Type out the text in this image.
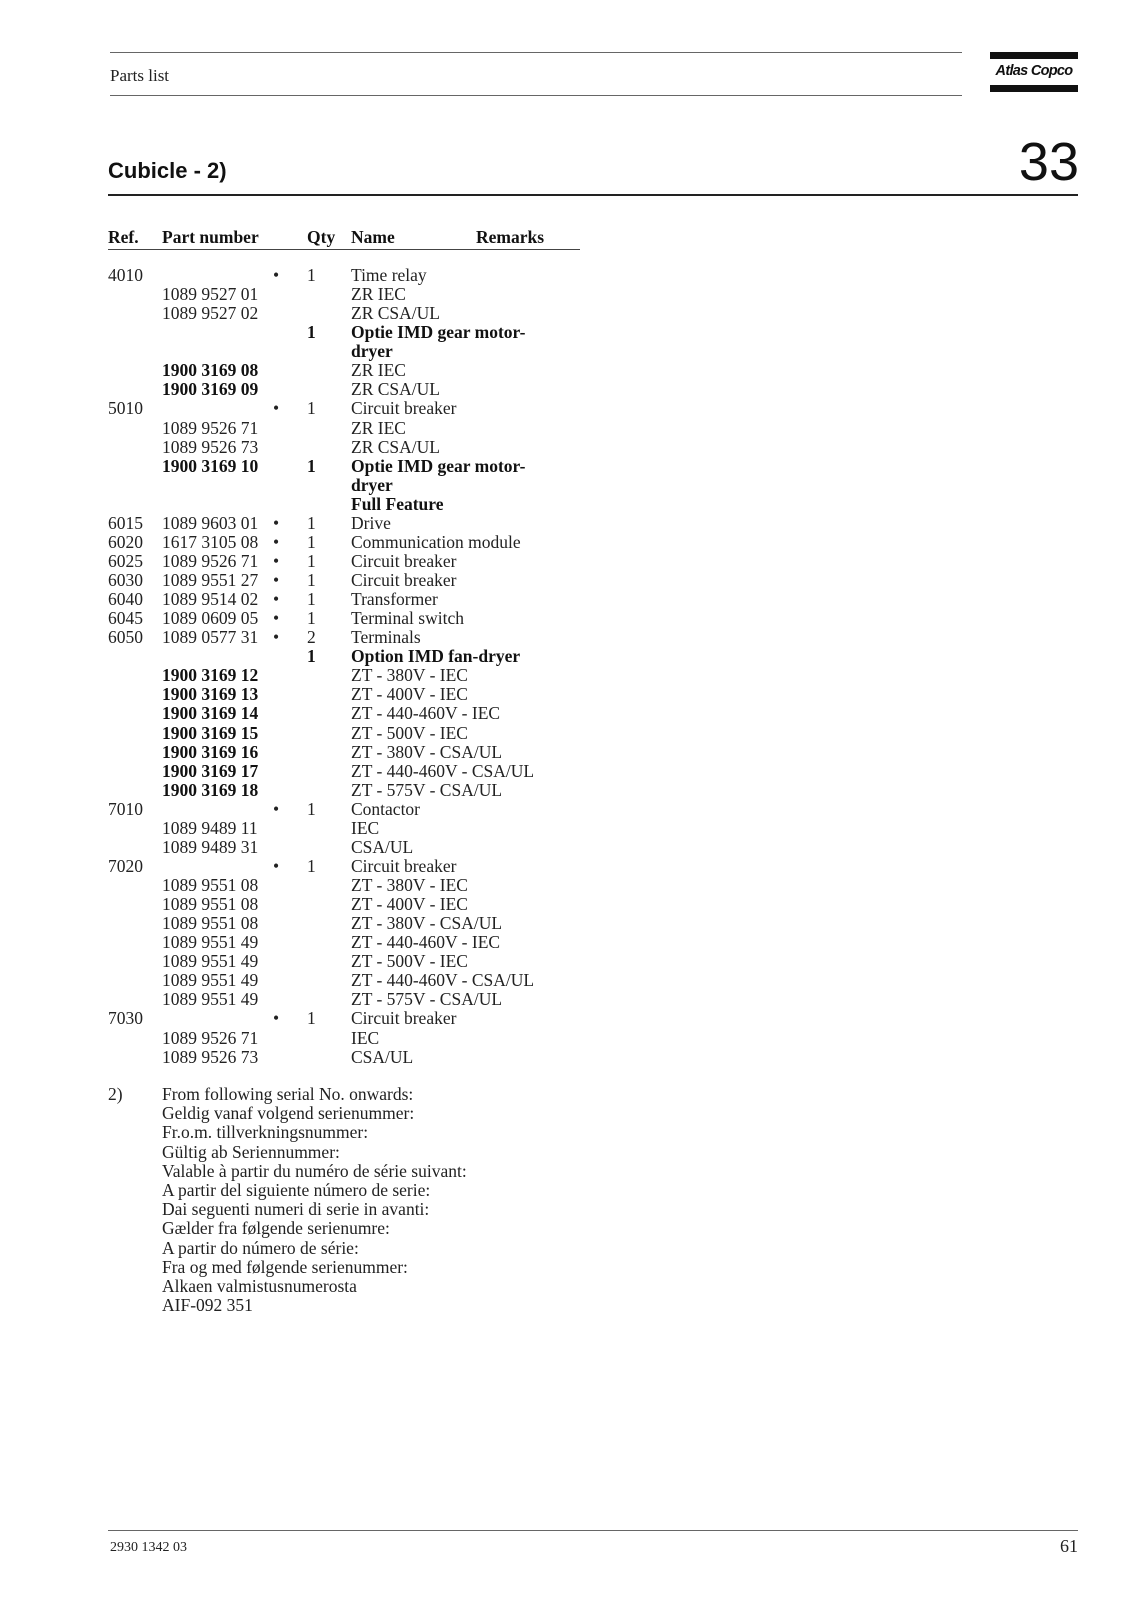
Parts list	Atlas Copco
Cubicle - 2)	33
Ref. Part number	Qty Name	Remarks
4010	• 1 Time relay
1089 9527 01	ZR IEC
1089 9527 02	ZR CSA/UL
1 Optie IMD gear motor-
dryer
1900 3169 08	ZR IEC
1900 3169 09	ZR CSA/UL
5010	• 1 Circuit breaker
1089 9526 71	ZR IEC
1089 9526 73	ZR CSA/UL
1900 3169 10	1 Optie IMD gear motor-
dryer
Full Feature
6015 1089 9603 01 • 1 Drive
6020 1617 3105 08 • 1 Communication module
6025 1089 9526 71 • 1 Circuit breaker
6030 1089 9551 27 • 1 Circuit breaker
6040 1089 9514 02 • 1 Transformer
6045 1089 0609 05 • 1 Terminal switch
6050 1089 0577 31 • 2 Terminals
1 Option IMD fan-dryer
1900 3169 12	ZT - 380V - IEC
1900 3169 13	ZT - 400V - IEC
1900 3169 14	ZT - 440-460V - IEC
1900 3169 15	ZT - 500V - IEC
1900 3169 16	ZT - 380V - CSA/UL
1900 3169 17	ZT - 440-460V - CSA/UL
1900 3169 18	ZT - 575V - CSA/UL
7010	• 1 Contactor
1089 9489 11	IEC
1089 9489 31	CSA/UL
7020	• 1 Circuit breaker
1089 9551 08	ZT - 380V - IEC
1089 9551 08	ZT - 400V - IEC
1089 9551 08	ZT - 380V - CSA/UL
1089 9551 49	ZT - 440-460V - IEC
1089 9551 49	ZT - 500V - IEC
1089 9551 49	ZT - 440-460V - CSA/UL
1089 9551 49	ZT - 575V - CSA/UL
7030	• 1 Circuit breaker
1089 9526 71	IEC
1089 9526 73	CSA/UL
2) From following serial No. onwards:
Geldig vanaf volgend serienummer:
Fr.o.m. tillverkningsnummer:
Gültig ab Seriennummer:
Valable à partir du numéro de série suivant:
A partir del siguiente número de serie:
Dai seguenti numeri di serie in avanti:
Gælder fra følgende serienumre:
A partir do número de série:
Fra og med følgende serienummer:
Alkaen valmistusnumerosta
AIF-092 351
2930 1342 03	61
